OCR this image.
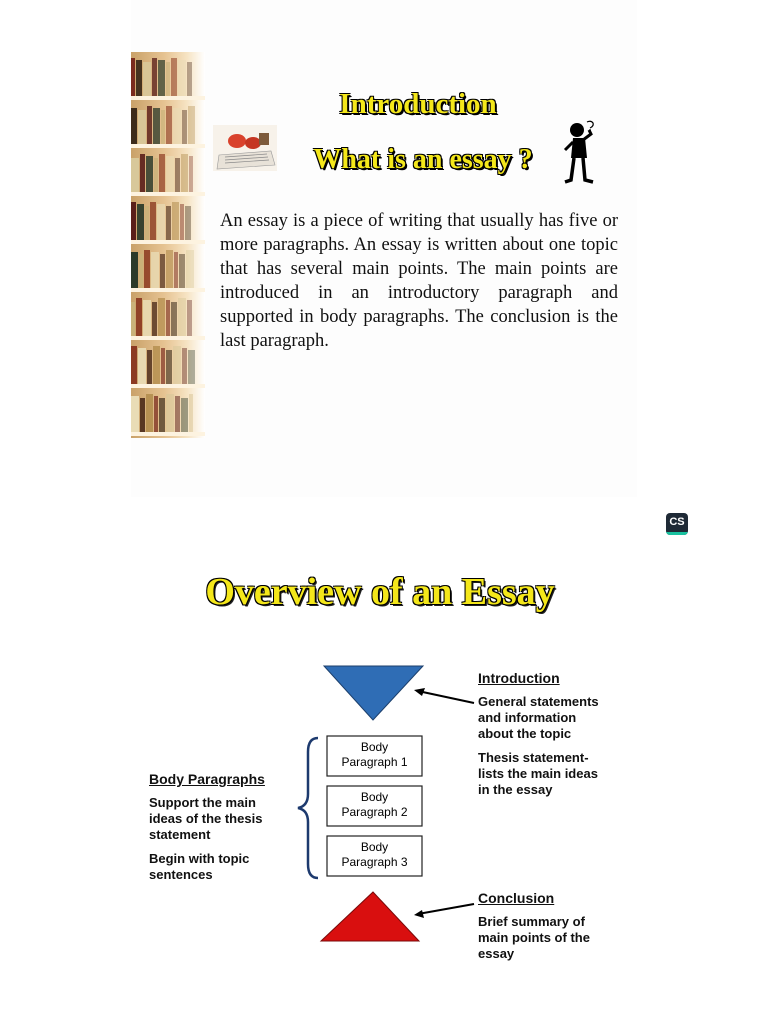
Introduction
What is an essay ?

An essay is a piece of writing that usually has five or more paragraphs. An essay is written about one topic that has several main points. The main points are introduced in an introductory paragraph and supported in body paragraphs. The conclusion is the last paragraph.

CS
Overview of an Essay
Body
Paragraph 1
Body
Paragraph 2
Body
Paragraph 3

Introduction

General statements

and information

about the topic

Thesis statement-

lists the main ideas

in the essay

Body Paragraphs

Support the main

ideas of the thesis

statement

Begin with topic

sentences

Conclusion

Brief summary of

main points of the

essay
